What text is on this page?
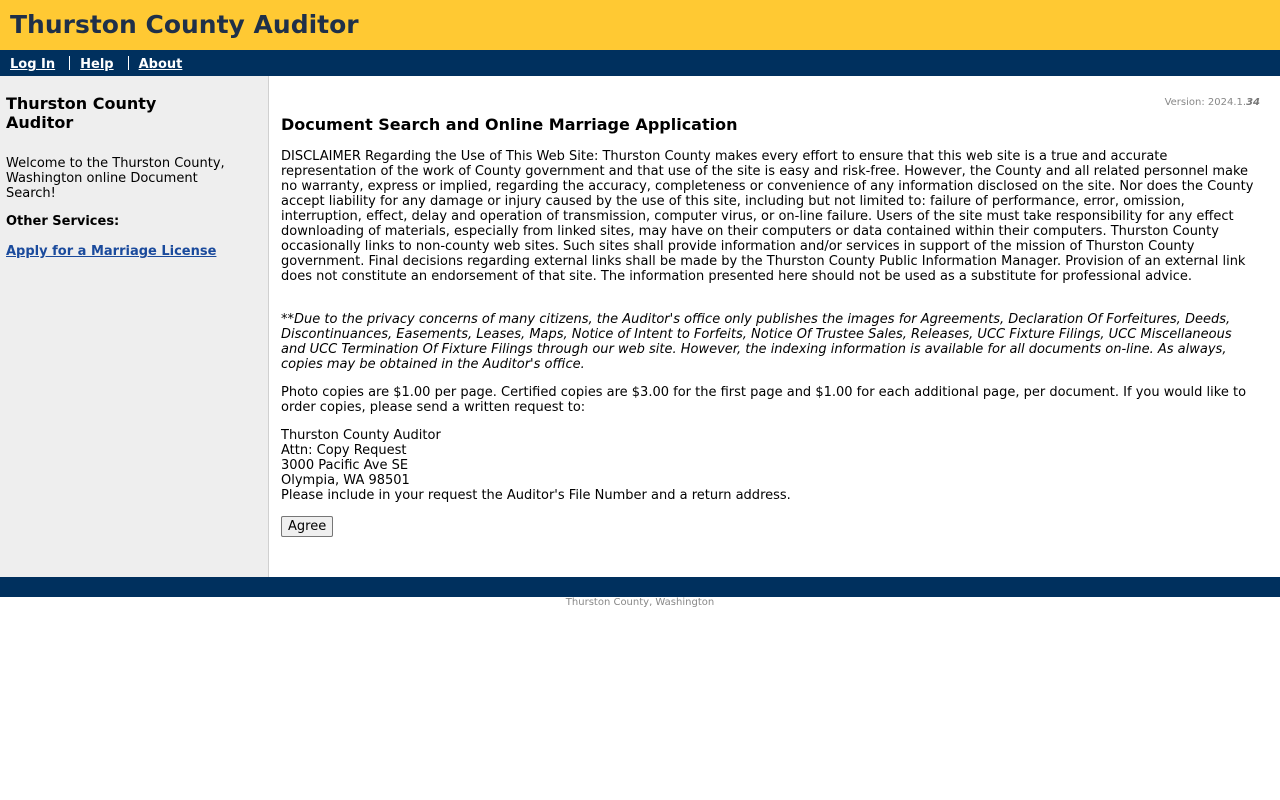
Thurston County Auditor
Log In Help About
Thurston County Auditor

Welcome to the Thurston County, Washington online Document Search!

Other Services:

Apply for a Marriage License
Version: 2024.1.34
Document Search and Online Marriage Application

DISCLAIMER Regarding the Use of This Web Site: Thurston County makes every effort to ensure that this web site is a true and accurate representation of the work of County government and that use of the site is easy and risk-free. However, the County and all related personnel make no warranty, express or implied, regarding the accuracy, completeness or convenience of any information disclosed on the site. Nor does the County accept liability for any damage or injury caused by the use of this site, including but not limited to: failure of performance, error, omission, interruption, effect, delay and operation of transmission, computer virus, or on-line failure. Users of the site must take responsibility for any effect downloading of materials, especially from linked sites, may have on their computers or data contained within their computers. Thurston County occasionally links to non-county web sites. Such sites shall provide information and/or services in support of the mission of Thurston County government. Final decisions regarding external links shall be made by the Thurston County Public Information Manager. Provision of an external link does not constitute an endorsement of that site. The information presented here should not be used as a substitute for professional advice.

**Due to the privacy concerns of many citizens, the Auditor's office only publishes the images for Agreements, Declaration Of Forfeitures, Deeds, Discontinuances, Easements, Leases, Maps, Notice of Intent to Forfeits, Notice Of Trustee Sales, Releases, UCC Fixture Filings, UCC Miscellaneous and UCC Termination Of Fixture Filings through our web site. However, the indexing information is available for all documents on-line. As always, copies may be obtained in the Auditor's office.

Photo copies are $1.00 per page. Certified copies are $3.00 for the first page and $1.00 for each additional page, per document. If you would like to order copies, please send a written request to:

Thurston County Auditor
Attn: Copy Request
3000 Pacific Ave SE
Olympia, WA 98501
Please include in your request the Auditor's File Number and a return address.
Agree
Thurston County, Washington
